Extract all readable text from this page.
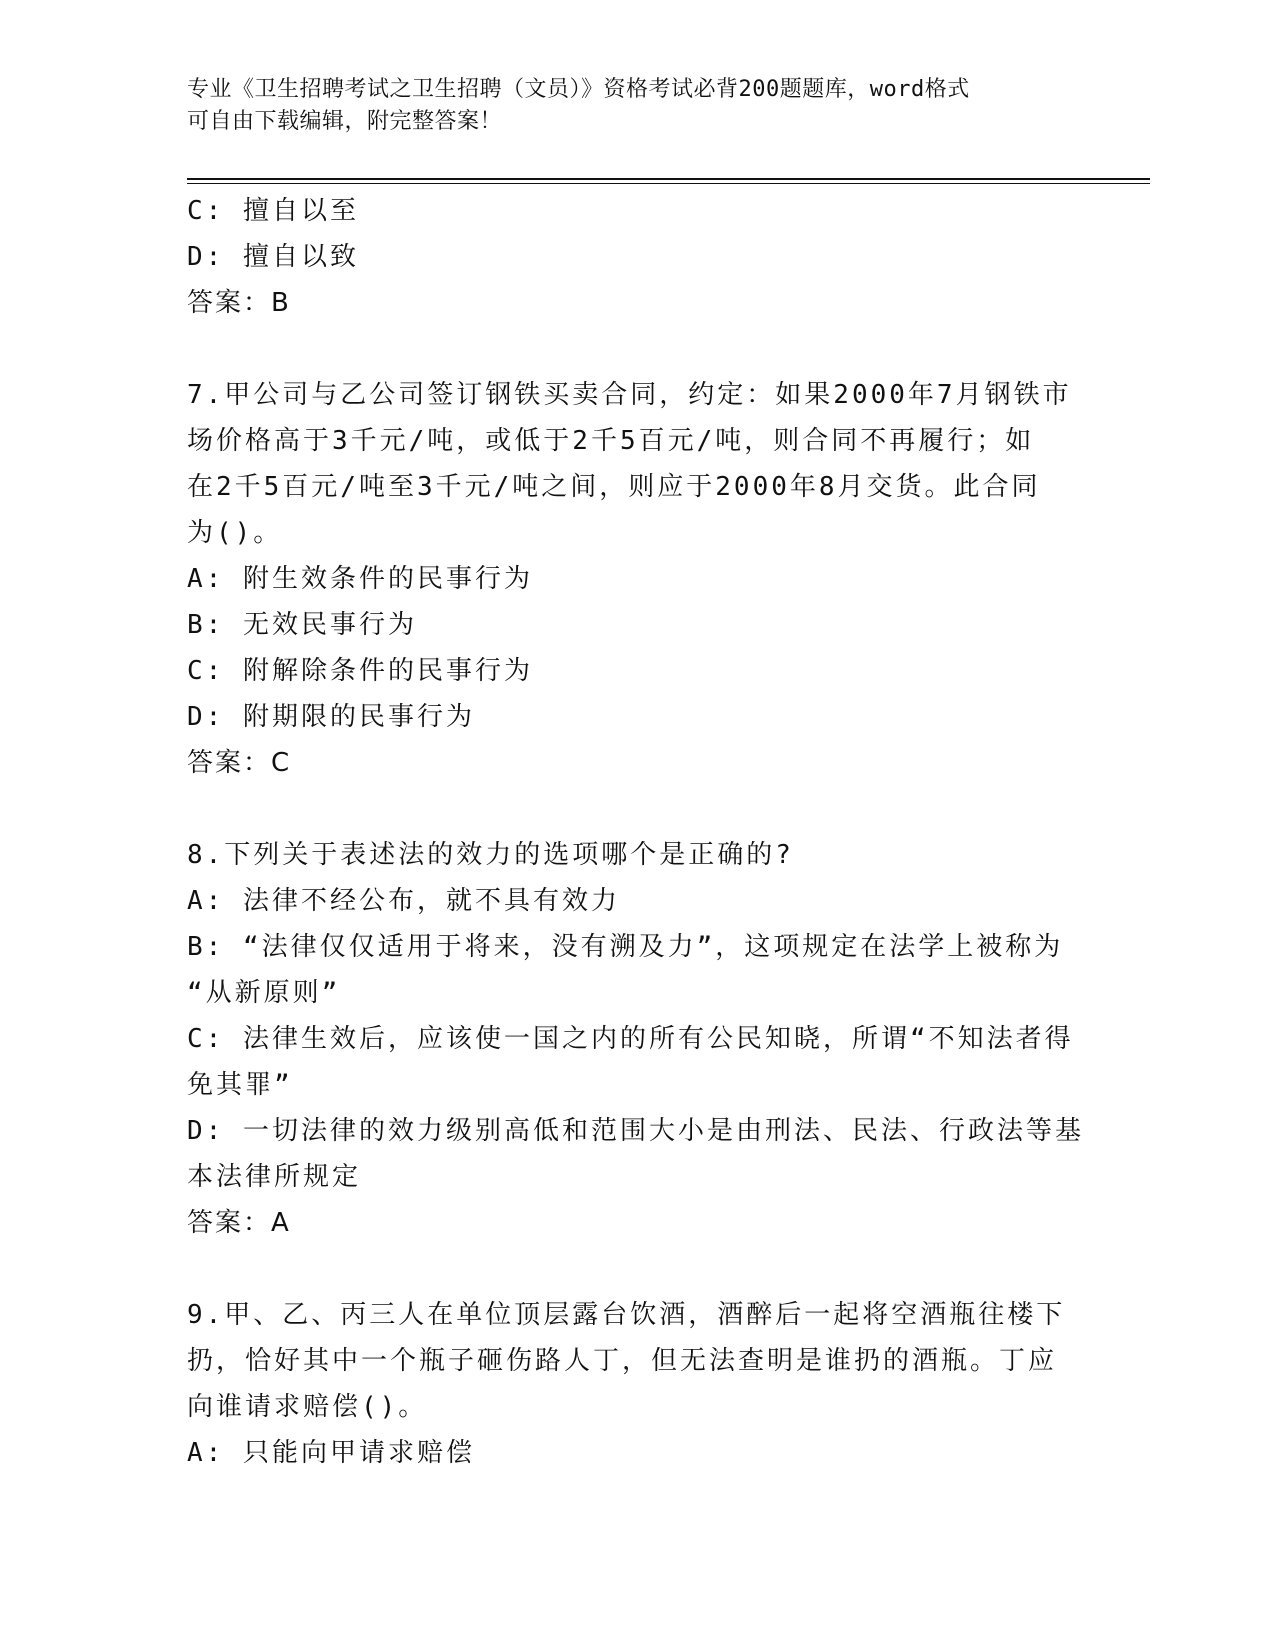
专业《卫生招聘考试之卫生招聘（文员）》资格考试必背200题题库，word格式
可自由下载编辑，附完整答案！
C: 擅自以至
D: 擅自以致
答案：B
7.甲公司与乙公司签订钢铁买卖合同，约定：如果2000年7月钢铁市
场价格高于3千元/吨，或低于2千5百元/吨，则合同不再履行；如
在2千5百元/吨至3千元/吨之间，则应于2000年8月交货。此合同
为()。
A: 附生效条件的民事行为
B: 无效民事行为
C: 附解除条件的民事行为
D: 附期限的民事行为
答案：C
8.下列关于表述法的效力的选项哪个是正确的?
A: 法律不经公布，就不具有效力
B: “法律仅仅适用于将来，没有溯及力”，这项规定在法学上被称为
“从新原则”
C: 法律生效后，应该使一国之内的所有公民知晓，所谓“不知法者得
免其罪”
D: 一切法律的效力级别高低和范围大小是由刑法、民法、行政法等基
本法律所规定
答案：A
9.甲、乙、丙三人在单位顶层露台饮酒，酒醉后一起将空酒瓶往楼下
扔，恰好其中一个瓶子砸伤路人丁，但无法查明是谁扔的酒瓶。丁应
向谁请求赔偿()。
A: 只能向甲请求赔偿
